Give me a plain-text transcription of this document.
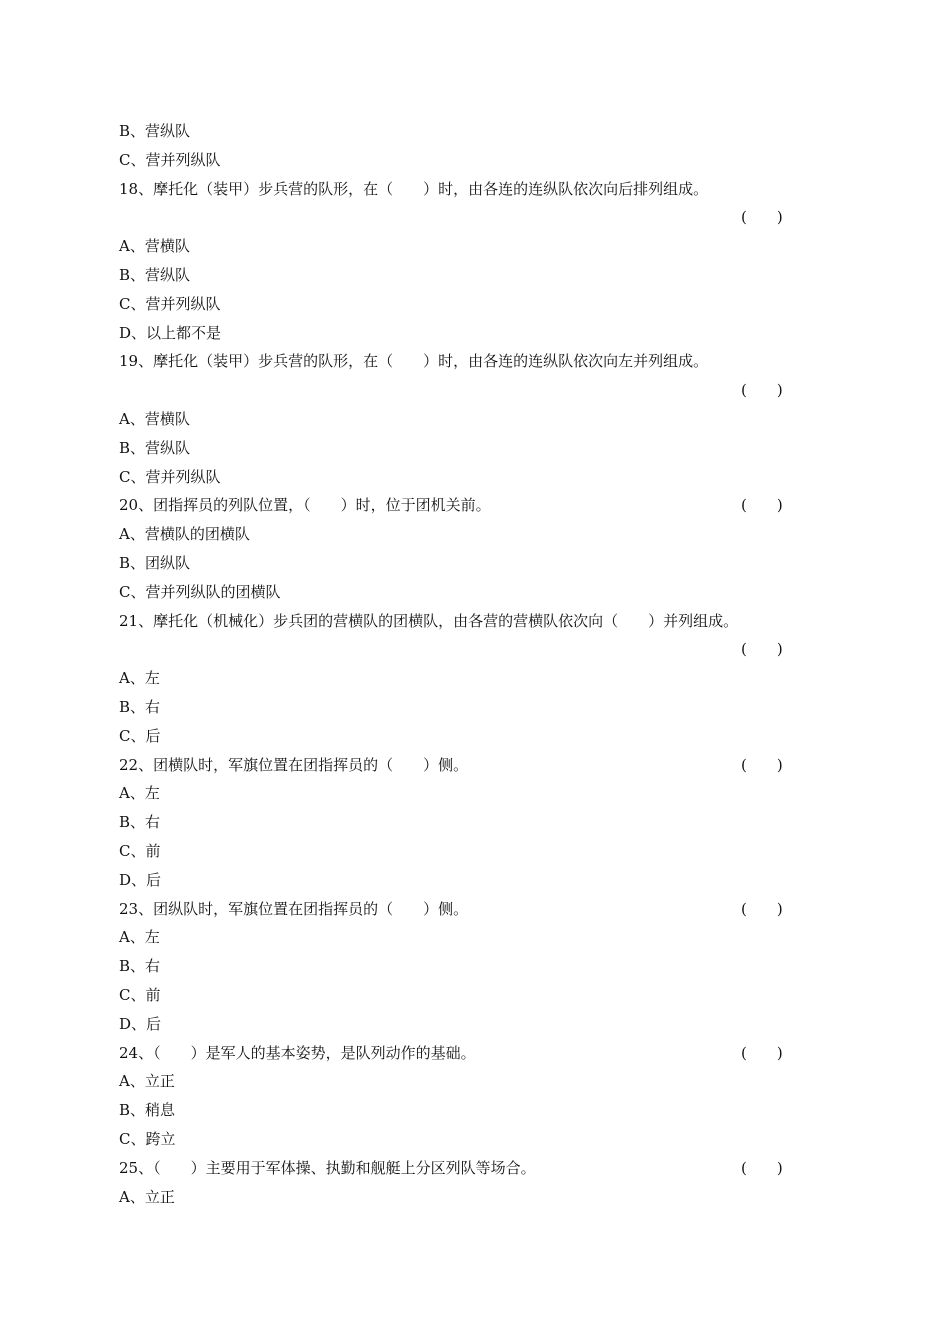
B、营纵队
C、营并列纵队
18、摩托化（装甲）步兵营的队形，在（　　）时，由各连的连纵队依次向后排列组成。
(　　)
A、营横队
B、营纵队
C、营并列纵队
D、以上都不是
19、摩托化（装甲）步兵营的队形，在（　　）时，由各连的连纵队依次向左并列组成。
(　　)
A、营横队
B、营纵队
C、营并列纵队
20、团指挥员的列队位置，（　　）时，位于团机关前。	(　　)
A、营横队的团横队
B、团纵队
C、营并列纵队的团横队
21、摩托化（机械化）步兵团的营横队的团横队，由各营的营横队依次向（　　）并列组成。
(　　)
A、左
B、右
C、后
22、团横队时，军旗位置在团指挥员的（　　）侧。	(　　)
A、左
B、右
C、前
D、后
23、团纵队时，军旗位置在团指挥员的（　　）侧。	(　　)
A、左
B、右
C、前
D、后
24、（　　）是军人的基本姿势，是队列动作的基础。	(　　)
A、立正
B、稍息
C、跨立
25、（　　）主要用于军体操、执勤和舰艇上分区列队等场合。	(　　)
A、立正
